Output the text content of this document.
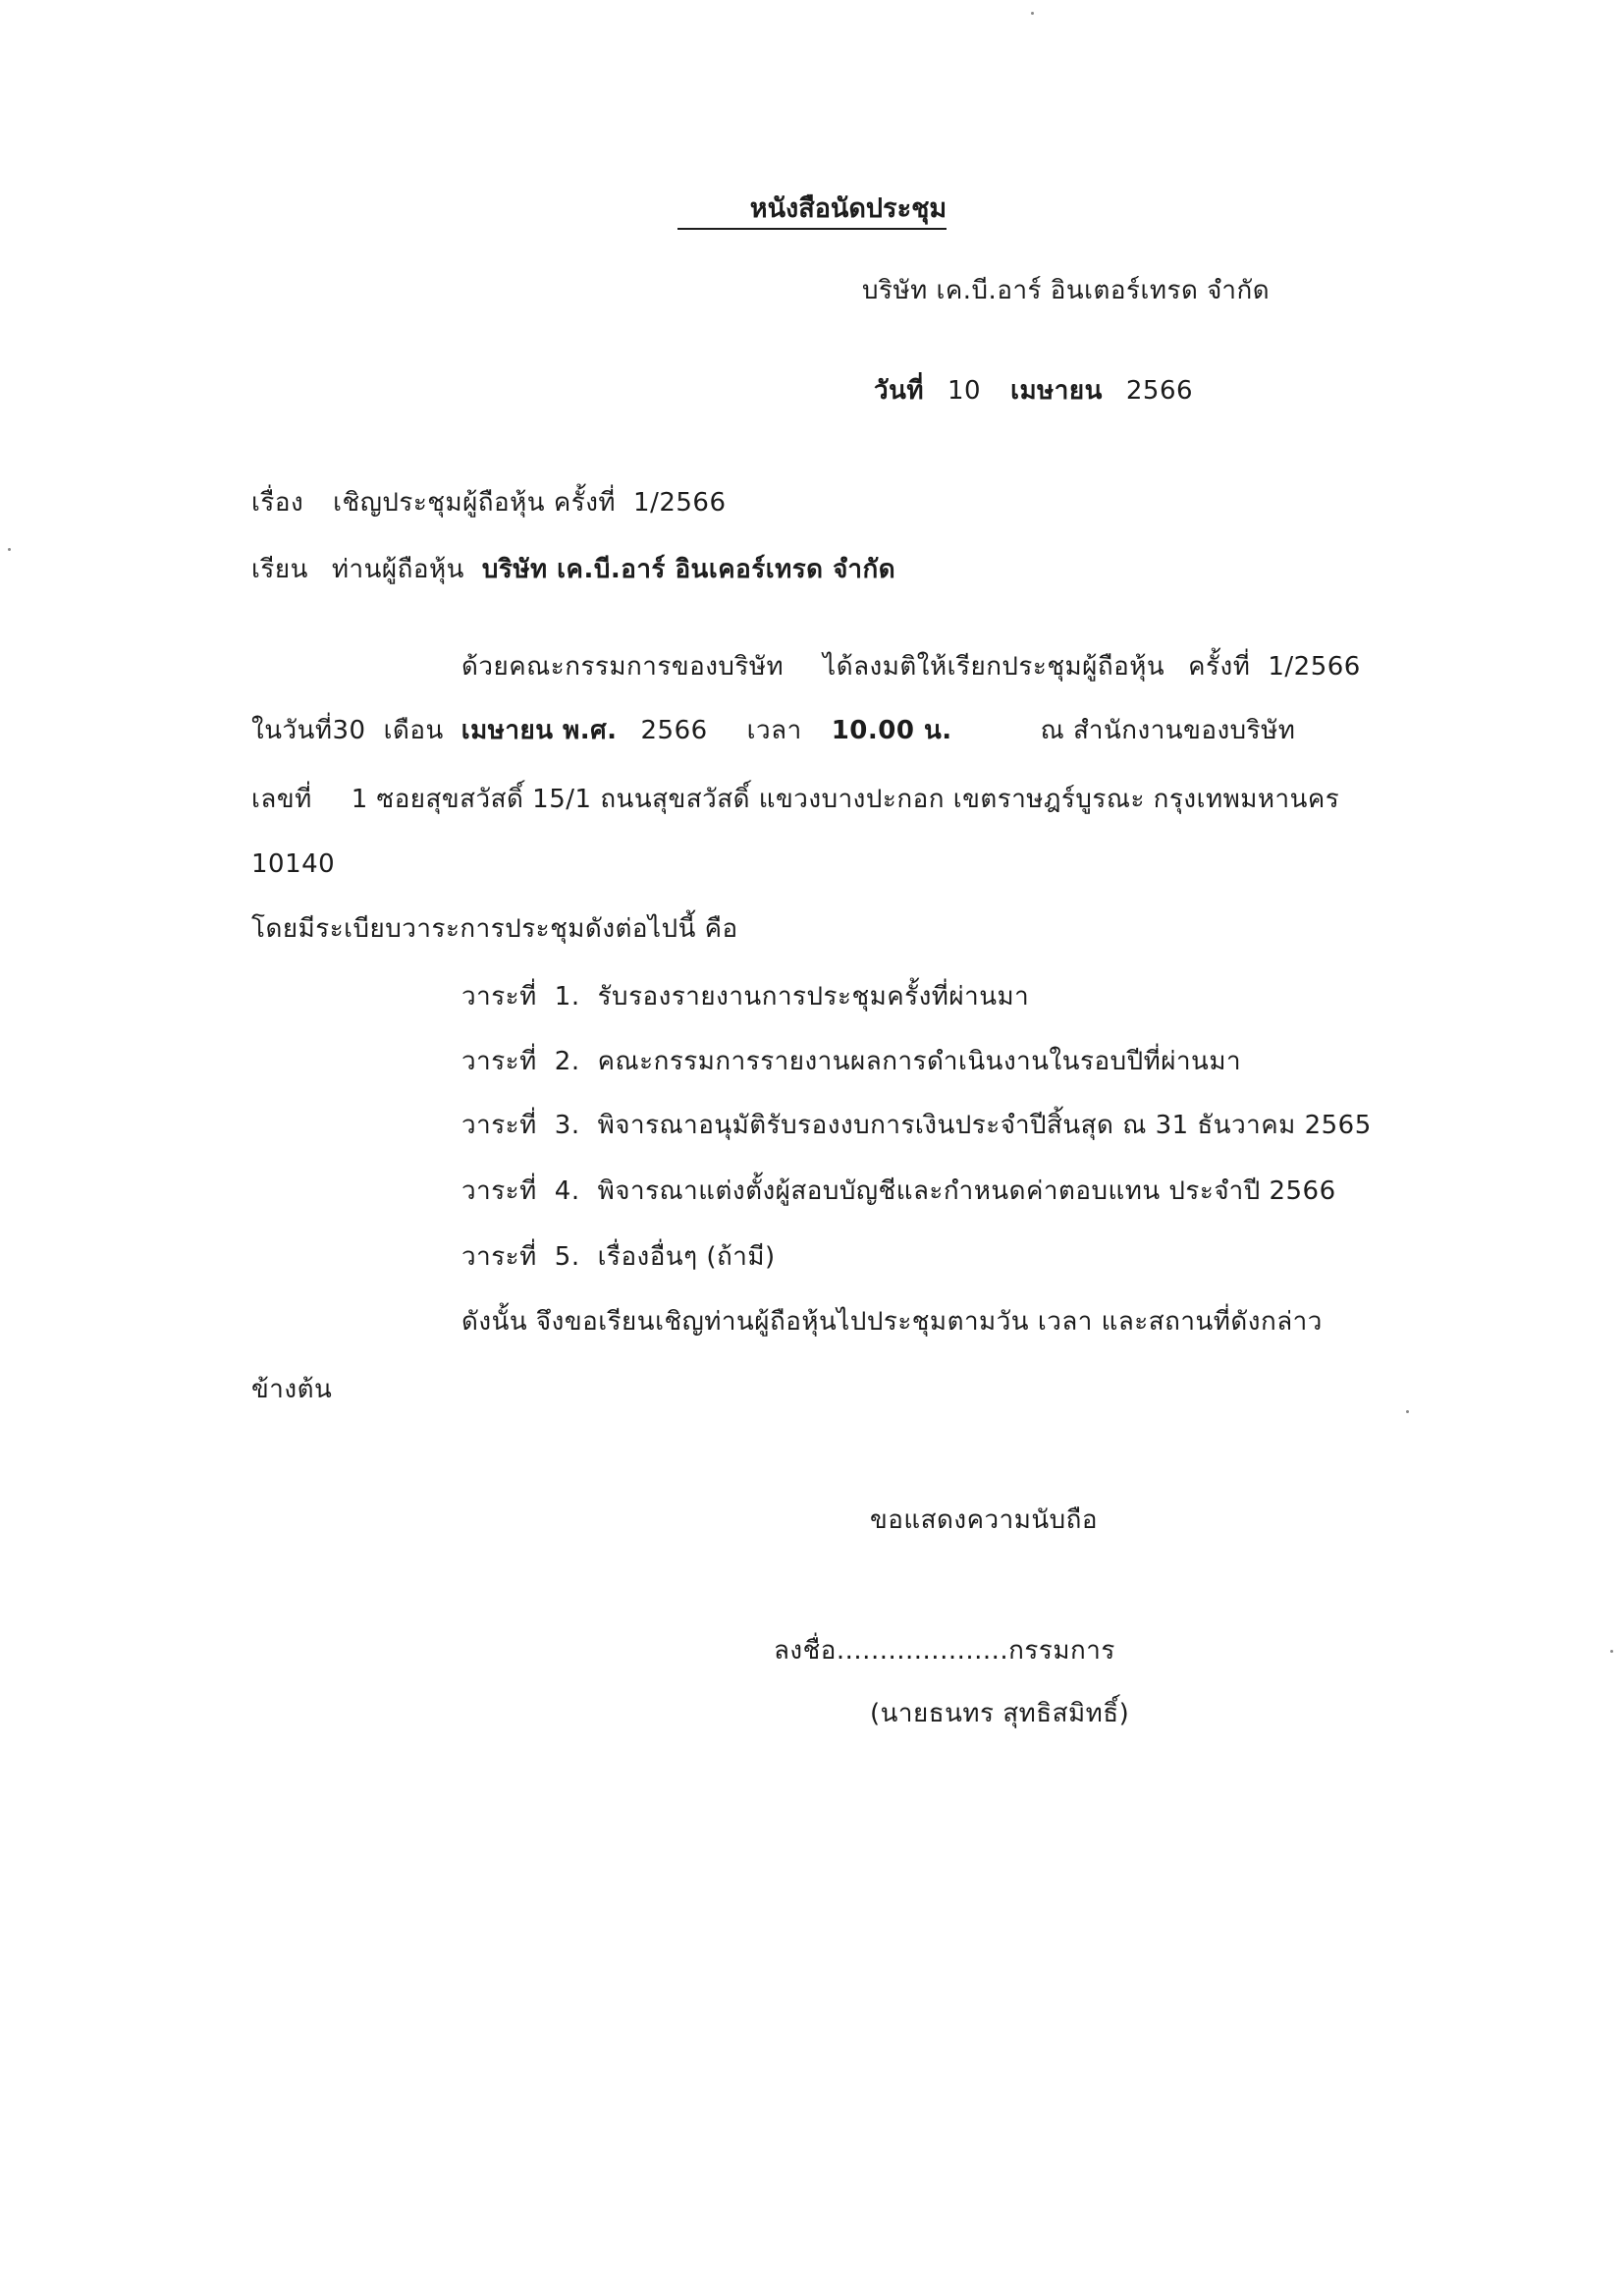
หนังสือนัดประชุม
บริษัท เค.บี.อาร์ อินเตอร์เทรด จำกัด
วันที่ 10 เมษายน 2566
เรื่อง เชิญประชุมผู้ถือหุ้น ครั้งที่ 1/2566
เรียน ท่านผู้ถือหุ้น บริษัท เค.บี.อาร์ อินเคอร์เทรด จำกัด
ด้วยคณะกรรมการของบริษัท ได้ลงมติให้เรียกประชุมผู้ถือหุ้น ครั้งที่ 1/2566
ในวันที่30 เดือน เมษายน พ.ศ. 2566 เวลา 10.00 น.	ณ สำนักงานของบริษัท
เลขที่ 1 ซอยสุขสวัสดิ์ 15/1 ถนนสุขสวัสดิ์ แขวงบางปะกอก เขตราษฎร์บูรณะ กรุงเทพมหานคร
10140
โดยมีระเบียบวาระการประชุมดังต่อไปนี้ คือ
วาระที่ 1. รับรองรายงานการประชุมครั้งที่ผ่านมา
วาระที่ 2. คณะกรรมการรายงานผลการดำเนินงานในรอบปีที่ผ่านมา
วาระที่ 3. พิจารณาอนุมัติรับรองงบการเงินประจำปีสิ้นสุด ณ 31 ธันวาคม 2565
วาระที่ 4. พิจารณาแต่งตั้งผู้สอบบัญชีและกำหนดค่าตอบแทน ประจำปี 2566
วาระที่ 5. เรื่องอื่นๆ (ถ้ามี)
ดังนั้น จึงขอเรียนเชิญท่านผู้ถือหุ้นไปประชุมตามวัน เวลา และสถานที่ดังกล่าว
ข้างต้น
ขอแสดงความนับถือ
ลงชื่อ....................กรรมการ
(นายธนทร สุทธิสมิทธิ์)
